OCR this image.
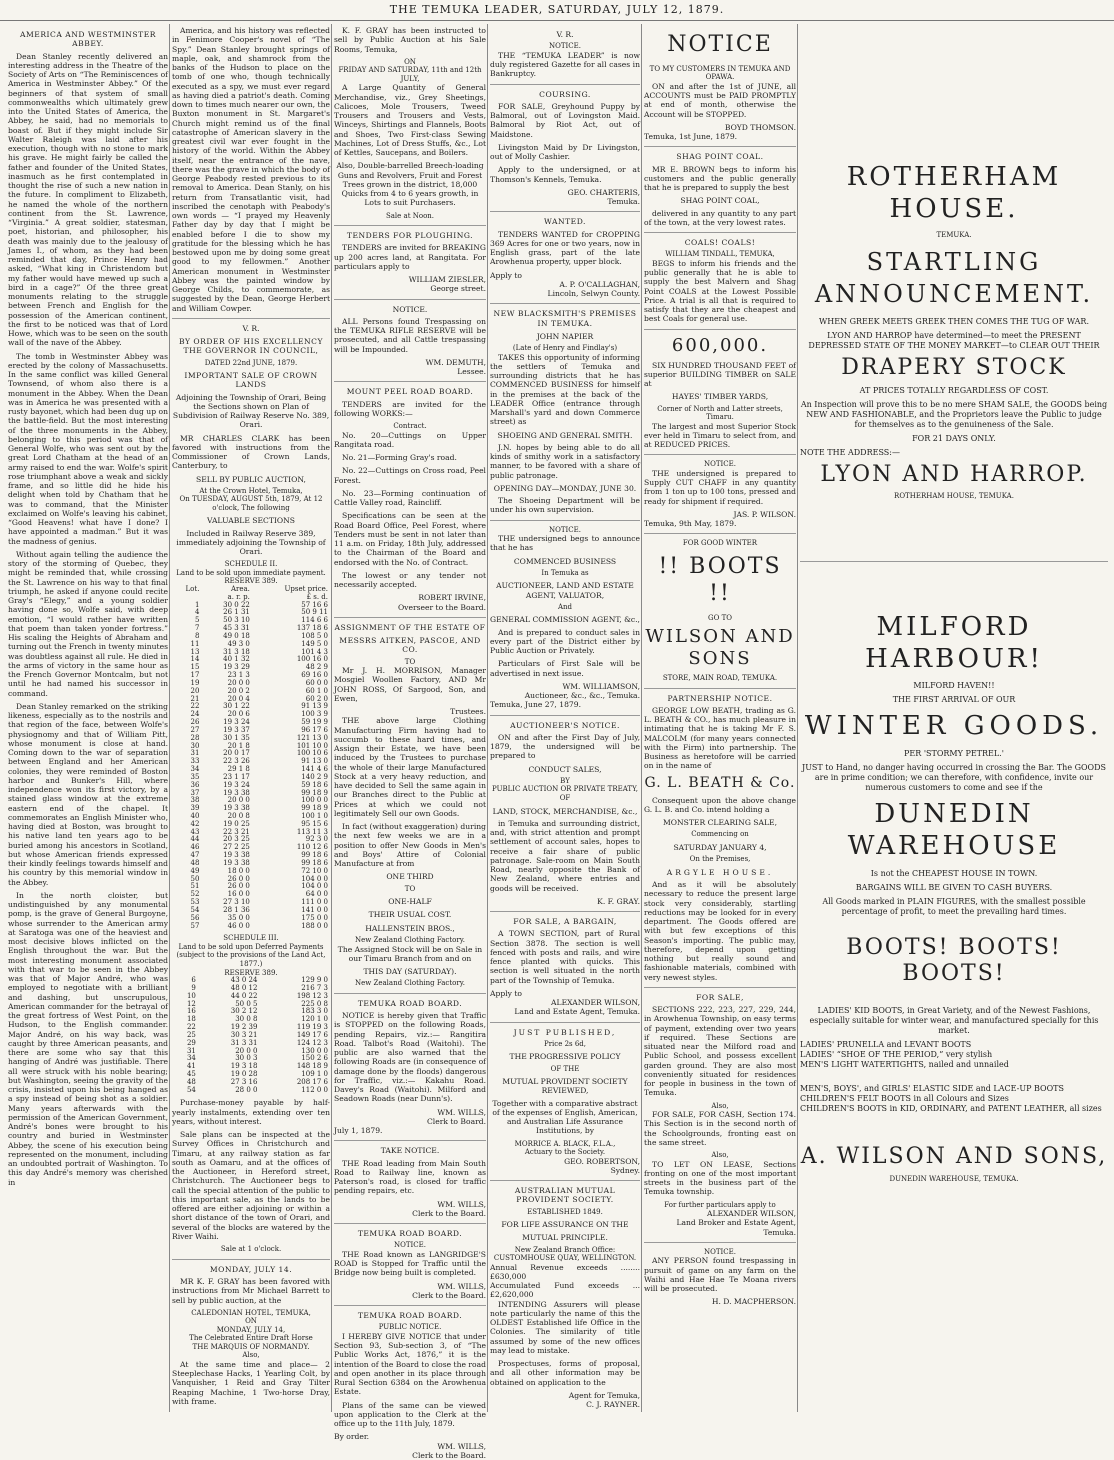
THE TEMUKA LEADER, SATURDAY, JULY 12, 1879.
AMERICA AND WESTMINSTER ABBEY.

Dean Stanley recently delivered an interesting address in the Theatre of the Society of Arts on “The Reminiscences of America in Westminster Abbey.” Of the beginners of that system of small commonwealths which ultimately grew into the United States of America, the Abbey, he said, had no memorials to boast of. But if they might include Sir Walter Raleigh was laid after his execution, though with no stone to mark his grave. He might fairly be called the father and founder of the United States, inasmuch as he first contemplated in thought the rise of such a new nation in the future. In compliment to Elizabeth, he named the whole of the northern continent from the St. Lawrence, “Virginia.” A great soldier, statesman, poet, historian, and philosopher, his death was mainly due to the jealousy of James I., of whom, as they had been reminded that day, Prince Henry had asked, “What king in Christendom but my father would have mewed up such a bird in a cage?” Of the three great monuments relating to the struggle between French and English for the possession of the American continent, the first to be noticed was that of Lord Howe, which was to be seen on the south wall of the nave of the Abbey.

The tomb in Westminster Abbey was erected by the colony of Massachusetts. In the same conflict was killed General Townsend, of whom also there is a monument in the Abbey. When the Dean was in America he was presented with a rusty bayonet, which had been dug up on the battle-field. But the most interesting of the three monuments in the Abbey, belonging to this period was that of General Wolfe, who was sent out by the great Lord Chatham at the head of an army raised to end the war. Wolfe's spirit rose triumphant above a weak and sickly frame, and so little did he hide his delight when told by Chatham that he was to command, that the Minister exclaimed on Wolfe's leaving his cabinet, “Good Heavens! what have I done? I have appointed a madman.” But it was the madness of genius.

Without again telling the audience the story of the storming of Quebec, they might be reminded that, while crossing the St. Lawrence on his way to that final triumph, he asked if anyone could recite Gray's “Elegy,” and a young soldier having done so, Wolfe said, with deep emotion, “I would rather have written that poem than taken yonder fortress.” His scaling the Heights of Abraham and turning out the French in twenty minutes was doubtless against all rule. He died in the arms of victory in the same hour as the French Governor Montcalm, but not until he had named his successor in command.

Dean Stanley remarked on the striking likeness, especially as to the nostrils and that region of the face, between Wolfe's physiognomy and that of William Pitt, whose monument is close at hand. Coming down to the war of separation between England and her American colonies, they were reminded of Boston harbor and Bunker's Hill, where independence won its first victory, by a stained glass window at the extreme eastern end of the chapel. It commemorates an English Minister who, having died at Boston, was brought to his native land ten years ago to be buried among his ancestors in Scotland, but whose American friends expressed their kindly feelings towards himself and his country by this memorial window in the Abbey.

In the north cloister, but undistinguished by any monumental pomp, is the grave of General Burgoyne, whose surrender to the American army at Saratoga was one of the heaviest and most decisive blows inflicted on the English throughout the war. But the most interesting monument associated with that war to be seen in the Abbey was that of Major André, who was employed to negotiate with a brilliant and dashing, but unscrupulous, American commander for the betrayal of the great fortress of West Point, on the Hudson, to the English commander. Major André, on his way back, was caught by three American peasants, and there are some who say that this hanging of André was justifiable. There all were struck with his noble bearing; but Washington, seeing the gravity of the crisis, insisted upon his being hanged as a spy instead of being shot as a soldier. Many years afterwards with the permission of the American Government, André's bones were brought to his country and buried in Westminster Abbey, the scene of his execution being represented on the monument, including an undoubted portrait of Washington. To this day André's memory was cherished in

America, and his history was reflected in Fenimore Cooper's novel of “The Spy.” Dean Stanley brought springs of maple, oak, and shamrock from the banks of the Hudson to place on the tomb of one who, though technically executed as a spy, we must ever regard as having died a patriot's death. Coming down to times much nearer our own, the Buxton monument in St. Margaret's Church might remind us of the final catastrophe of American slavery in the greatest civil war ever fought in the history of the world. Within the Abbey itself, near the entrance of the nave, there was the grave in which the body of George Peabody rested previous to its removal to America. Dean Stanly, on his return from Transatlantic visit, had inscribed the cenotaph with Peabody's own words — “I prayed my Heavenly Father day by day that I might be enabled before I die to show my gratitude for the blessing which he has bestowed upon me by doing some great good to my fellowmen.” Another American monument in Westminster Abbey was the painted window by George Childs, to commemorate, as suggested by the Dean, George Herbert and William Cowper.

V. R.
BY ORDER OF HIS EXCELLENCY THE GOVERNOR IN COUNCIL,
DATED 22nd JUNE, 1879.
IMPORTANT SALE OF CROWN LANDS

Adjoining the Township of Orari, Being the Sections shown on Plan of Subdivision of Railway Reserve No. 389, Orari.

MR CHARLES CLARK has been favored with instructions from the Commissioner of Crown Lands, Canterbury, to

SELL BY PUBLIC AUCTION,
At the Crown Hotel, Temuka,
On TUESDAY, AUGUST 5th, 1879, At 12 o'clock, The following
VALUABLE SECTIONS

Included in Railway Reserve 389, immediately adjoining the Township of Orari.

SCHEDULE II.
Land to be sold upon immediate payment.
RESERVE 389.
Lot.	Area.	Upset price.
	a. r. p.	£ s. d.
1	30 0 22	57 16 6
4	26 1 31	50 9 11
5	50 3 10	114 6 6
7	45 3 31	137 18 6
8	49 0 18	108 5 0
11	49 3 0	149 5 0
13	31 3 18	101 4 3
14	40 1 32	100 16 0
15	19 3 29	48 2 9
17	23 1 3	69 16 0
19	20 0 0	60 0 0
20	20 0 2	60 1 0
21	20 0 4	60 2 0
22	30 1 22	91 13 9
24	20 0 6	100 3 9
26	19 3 24	59 19 9
27	19 3 37	96 17 6
28	30 1 35	121 13 0
30	20 1 8	101 10 0
31	20 0 17	100 10 6
33	22 3 26	91 13 0
34	29 1 8	141 4 6
35	23 1 17	140 2 9
36	19 3 24	59 18 6
37	19 3 38	99 18 9
38	20 0 0	100 0 0
39	19 3 38	99 18 9
40	20 0 8	100 1 0
42	19 0 25	95 15 6
43	22 3 21	113 11 3
44	20 3 25	92 3 0
46	27 2 25	110 12 6
47	19 3 38	99 18 6
48	19 3 38	99 18 6
49	18 0 0	72 10 0
50	26 0 0	104 0 0
51	26 0 0	104 0 0
52	16 0 0	64 0 0
53	27 3 10	111 0 0
54	28 1 36	141 0 0
56	35 0 0	175 0 0
57	46 0 0	188 0 0
SCHEDULE III.
Land to be sold upon Deferred Payments (subject to the provisions of the Land Act, 1877.)
RESERVE 389.
6	43 0 24	129 9 0
9	48 0 12	216 7 3
10	44 0 22	198 12 3
12	50 0 5	225 0 8
16	30 2 12	183 3 0
18	30 0 8	120 1 0
22	19 2 39	119 19 3
25	30 3 21	149 17 6
29	31 3 31	124 12 3
31	20 0 0	130 0 0
34	30 0 3	150 2 6
41	19 3 18	148 18 9
45	19 0 28	109 1 0
48	27 3 16	208 17 6
54	28 0 0	112 0 0

Purchase-money payable by half-yearly instalments, extending over ten years, without interest.

Sale plans can be inspected at the Survey Offices in Christchurch and Timaru, at any railway station as far south as Oamaru, and at the offices of the Auctioneer, in Hereford street, Christchurch. The Auctioneer begs to call the special attention of the public to this important sale, as the lands to be offered are either adjoining or within a short distance of the town of Orari, and several of the blocks are watered by the River Waihi.

Sale at 1 o'clock.
MONDAY, JULY 14.

MR K. F. GRAY has been favored with instructions from Mr Michael Barrett to sell by public auction, at the

CALEDONIAN HOTEL, TEMUKA,
ON
MONDAY, JULY 14,
The Celebrated Entire Draft Horse
THE MARQUIS OF NORMANDY.
Also,

At the same time and place— 2 Steeplechase Hacks, 1 Yearling Colt, by Vanquisher, 1 Reid and Gray Tilter Reaping Machine, 1 Two-horse Dray, with frame.

K. F. GRAY has been instructed to sell by Public Auction at his Sale Rooms, Temuka,

ON
FRIDAY AND SATURDAY, 11th and 12th JULY,

A Large Quantity of General Merchandise, viz., Grey Sheetings, Calicoes, Mole Trousers, Tweed Trousers and Trousers and Vests, Winceys, Shirtings and Flannels, Boots and Shoes, Two First-class Sewing Machines, Lot of Dress Stuffs, &c., Lot of Kettles, Saucepans, and Boilers.

Also, Double-barrelled Breech-loading Guns and Revolvers, Fruit and Forest Trees grown in the district, 18,000 Quicks from 4 to 6 years growth, in Lots to suit Purchasers.

Sale at Noon.
TENDERS FOR PLOUGHING.

TENDERS are invited for BREAKING up 200 acres land, at Rangitata. For particulars apply to

WILLIAM ZIESLER,
George street.
NOTICE.

ALL Persons found Trespassing on the TEMUKA RIFLE RESERVE will be prosecuted, and all Cattle trespassing will be Impounded.

WM. DEMUTH,
Lessee.
MOUNT PEEL ROAD BOARD.

TENDERS are invited for the following WORKS:—

Contract.

No. 20—Cuttings on Upper Rangitata road.

No. 21—Forming Gray's road.

No. 22—Cuttings on Cross road, Peel Forest.

No. 23—Forming continuation of Cattle Valley road, Raincliff.

Specifications can be seen at the Road Board Office, Peel Forest, where Tenders must be sent in not later than 11 a.m. on Friday, 18th July, addressed to the Chairman of the Board and endorsed with the No. of Contract.

The lowest or any tender not necessarily accepted.

ROBERT IRVINE,
Overseer to the Board.
ASSIGNMENT OF THE ESTATE OF
MESSRS AITKEN, PASCOE, AND CO.
TO

Mr J. H. MORRISON, Manager Mosgiel Woollen Factory, AND Mr JOHN ROSS, Of Sargood, Son, and Ewen,

Trustees.

THE above large Clothing Manufacturing Firm having had to succumb to these hard times, and Assign their Estate, we have been induced by the Trustees to purchase the whole of their large Manufactured Stock at a very heavy reduction, and have decided to Sell the same again in our Branches direct to the Public at Prices at which we could not legitimately Sell our own Goods.

In fact (without exaggeration) during the next few weeks we are in a position to offer New Goods in Men's and Boys' Attire of Colonial Manufacture at from

ONE THIRD
TO
ONE-HALF
THEIR USUAL COST.
HALLENSTEIN BROS.,
New Zealand Clothing Factory.

The Assigned Stock will be on Sale in our Timaru Branch from and on

THIS DAY (SATURDAY).
New Zealand Clothing Factory.
TEMUKA ROAD BOARD.

NOTICE is hereby given that Traffic is STOPPED on the following Roads, pending Repairs, viz.:— Rangitira Road. Talbot's Road (Waitohi). The public are also warned that the following Roads are (in consequence of damage done by the floods) dangerous for Traffic, viz.:— Kakahu Road. Davey's Road (Waitohi). Milford and Seadown Roads (near Dunn's).

WM. WILLS,
Clerk to Board.
July 1, 1879.
TAKE NOTICE.

THE Road leading from Main South Road to Railway line, known as Paterson's road, is closed for traffic pending repairs, etc.

WM. WILLS,
Clerk to the Board.
TEMUKA ROAD BOARD.
NOTICE.

THE Road known as LANGRIDGE'S ROAD is Stopped for Traffic until the Bridge now being built is completed.

WM. WILLS,
Clerk to the Board.
TEMUKA ROAD BOARD.
PUBLIC NOTICE.

I HEREBY GIVE NOTICE that under Section 93, Sub-section 3, of “The Public Works Act, 1876,” it is the intention of the Board to close the road and open another in its place through Rural Section 6384 on the Arowhenua Estate.

Plans of the same can be viewed upon application to the Clerk at the office up to the 11th July, 1879.

By order.
WM. WILLS,
Clerk to the Board.
V. R.
NOTICE.

THE “TEMUKA LEADER” is now duly registered Gazette for all cases in Bankruptcy.

COURSING.

FOR SALE, Greyhound Puppy by Balmoral, out of Lovingston Maid. Balmoral by Riot Act, out of Maidstone.

Livingston Maid by Dr Livingston, out of Molly Cashier.

Apply to the undersigned, or at Thomson's Kennels, Temuka.

GEO. CHARTERIS,
Temuka.
WANTED.

TENDERS WANTED for CROPPING 369 Acres for one or two years, now in English grass, part of the late Arowhenua property, upper block.

Apply to
A. P. O'CALLAGHAN,
Lincoln, Selwyn County.
NEW BLACKSMITH'S PREMISES IN TEMUKA.
JOHN NAPIER
(Late of Henry and Findlay's)

TAKES this opportunity of informing the settlers of Temuka and surrounding districts that he has COMMENCED BUSINESS for himself in the premises at the back of the LEADER Office (entrance through Marshall's yard and down Commerce street) as

SHOEING AND GENERAL SMITH.

J.N. hopes by being able to do all kinds of smithy work in a satisfactory manner, to be favored with a share of public patronage.

OPENING DAY—MONDAY, JUNE 30.

The Shoeing Department will be under his own supervision.

NOTICE.

THE undersigned begs to announce that he has

COMMENCED BUSINESS
In Temuka as
AUCTIONEER, LAND AND ESTATE AGENT, VALUATOR,
And
GENERAL COMMISSION AGENT, &c.,

And is prepared to conduct sales in every part of the District either by Public Auction or Privately.

Particulars of First Sale will be advertised in next issue.

WM. WILLIAMSON,
Auctioneer, &c., &c., Temuka.
Temuka, June 27, 1879.
AUCTIONEER'S NOTICE.

ON and after the First Day of July, 1879, the undersigned will be prepared to

CONDUCT SALES,
BY
PUBLIC AUCTION OR PRIVATE TREATY, OF
LAND, STOCK, MERCHANDISE, &c.,

in Temuka and surrounding district, and, with strict attention and prompt settlement of account sales, hopes to receive a fair share of public patronage. Sale-room on Main South Road, nearly opposite the Bank of New Zealand, where entries and goods will be received.

K. F. GRAY.
FOR SALE, A BARGAIN,

A TOWN SECTION, part of Rural Section 3878. The section is well fenced with posts and rails, and wire fence planted with quicks. This section is well situated in the north part of the Township of Temuka.

Apply to
ALEXANDER WILSON,
Land and Estate Agent, Temuka.
JUST PUBLISHED,
Price 2s 6d,
THE PROGRESSIVE POLICY
OF THE
MUTUAL PROVIDENT SOCIETY REVIEWED,

Together with a comparative abstract of the expenses of English, American, and Australian Life Assurance Institutions, by

MORRICE A. BLACK, F.L.A.,
Actuary to the Society.
GEO. ROBERTSON,
Sydney.
AUSTRALIAN MUTUAL PROVIDENT SOCIETY.
ESTABLISHED 1849.
FOR LIFE ASSURANCE ON THE
MUTUAL PRINCIPLE.
New Zealand Branch Office:
CUSTOMHOUSE QUAY, WELLINGTON.
Annual Revenue exceeds ........ £630,000
Accumulated Fund exceeds ... £2,620,000

INTENDING Assurers will please note particularly the name of this the OLDEST Established life Office in the Colonies. The similarity of title assumed by some of the new offices may lead to mistake.

Prospectuses, forms of proposal, and all other information may be obtained on application to the

Agent for Temuka,
C. J. RAYNER.
NOTICE
TO MY CUSTOMERS IN TEMUKA AND OPAWA.

ON and after the 1st of JUNE, all ACCOUNTS must be PAID PROMPTLY at end of month, otherwise the Account will be STOPPED.

BOYD THOMSON.
Temuka, 1st June, 1879.
SHAG POINT COAL.

MR E. BROWN begs to inform his customers and the public generally that he is prepared to supply the best

SHAG POINT COAL,

delivered in any quantity to any part of the town, at the very lowest rates.

COALS! COALS!
WILLIAM TINDALL, TEMUKA,

BEGS to inform his friends and the public generally that he is able to supply the best Malvern and Shag Point COALS at the Lowest Possible Price. A trial is all that is required to satisfy that they are the cheapest and best Coals for general use.

600,000.

SIX HUNDRED THOUSAND FEET of superior BUILDING TIMBER on SALE at

HAYES' TIMBER YARDS,
Corner of North and Latter streets, Timaru.

The largest and most Superior Stock ever held in Timaru to select from, and at REDUCED PRICES.

NOTICE.

THE undersigned is prepared to Supply CUT CHAFF in any quantity from 1 ton up to 100 tons, pressed and ready for shipment if required.

JAS. P. WILSON.
Temuka, 9th May, 1879.
FOR GOOD WINTER
!! BOOTS !!
GO TO
WILSON AND SONS
STORE, MAIN ROAD, TEMUKA.
PARTNERSHIP NOTICE.

GEORGE LOW BEATH, trading as G. L. BEATH & CO., has much pleasure in intimating that he is taking Mr F. S. MALCOLM (for many years connected with the Firm) into partnership. The Business as heretofore will be carried on in the name of

G. L. BEATH & Co.

Consequent upon the above change G. L. B. and Co. intend holding a

MONSTER CLEARING SALE,
Commencing on
SATURDAY JANUARY 4,
On the Premises,
ARGYLE HOUSE.

And as it will be absolutely necessary to reduce the present large stock very considerably, startling reductions may be looked for in every department. The Goods offered are with but few exceptions of this Season's importing. The public may, therefore, depend upon getting nothing but really sound and fashionable materials, combined with very newest styles.

FOR SALE,

SECTIONS 222, 223, 227, 229, 244, in Arowhenua Township, on easy terms of payment, extending over two years if required. These Sections are situated near the Milford road and Public School, and possess excellent garden ground. They are also most conveniently situated for residences for people in business in the town of Temuka.

Also,

FOR SALE, FOR CASH, Section 174. This Section is in the second north of the Schoolgrounds, fronting east on the same street.

Also,

TO LET ON LEASE, Sections fronting on one of the most important streets in the business part of the Temuka township.

For further particulars apply to
ALEXANDER WILSON,
Land Broker and Estate Agent, Temuka.
NOTICE.

ANY PERSON found trespassing in pursuit of game on any farm on the Waihi and Hae Hae Te Moana rivers will be prosecuted.

H. D. MACPHERSON.
ROTHERHAM HOUSE.
TEMUKA.
STARTLING ANNOUNCEMENT.
WHEN GREEK MEETS GREEK THEN COMES THE TUG OF WAR.
LYON AND HARROP have determined—to meet the PRESENT DEPRESSED STATE OF THE MONEY MARKET—to CLEAR OUT THEIR
DRAPERY STOCK
AT PRICES TOTALLY REGARDLESS OF COST.
An Inspection will prove this to be no mere SHAM SALE, the GOODS being NEW AND FASHIONABLE, and the Proprietors leave the Public to judge for themselves as to the genuineness of the Sale.
FOR 21 DAYS ONLY.
NOTE THE ADDRESS:—
LYON AND HARROP.
ROTHERHAM HOUSE, TEMUKA.
MILFORD HARBOUR!
MILFORD HAVEN!!
THE FIRST ARRIVAL OF OUR
WINTER GOODS.
PER 'STORMY PETREL.'
JUST to Hand, no danger having occurred in crossing the Bar. The GOODS are in prime condition; we can therefore, with confidence, invite our numerous customers to come and see if the
DUNEDIN WAREHOUSE
Is not the CHEAPEST HOUSE IN TOWN.
BARGAINS WILL BE GIVEN TO CASH BUYERS.
All Goods marked in PLAIN FIGURES, with the smallest possible percentage of profit, to meet the prevailing hard times.
BOOTS! BOOTS! BOOTS!
LADIES' KID BOOTS, in Great Variety, and of the Newest Fashions, especially suitable for winter wear, and manufactured specially for this market.
LADIES' PRUNELLA and LEVANT BOOTS
LADIES' “SHOE OF THE PERIOD,” very stylish
MEN'S LIGHT WATERTIGHTS, nailed and unnailed
MEN'S, BOYS', and GIRLS' ELASTIC SIDE and LACE-UP BOOTS
CHILDREN'S FELT BOOTS in all Colours and Sizes
CHILDREN'S BOOTS in KID, ORDINARY, and PATENT LEATHER, all sizes
A. WILSON AND SONS,
DUNEDIN WAREHOUSE, TEMUKA.
